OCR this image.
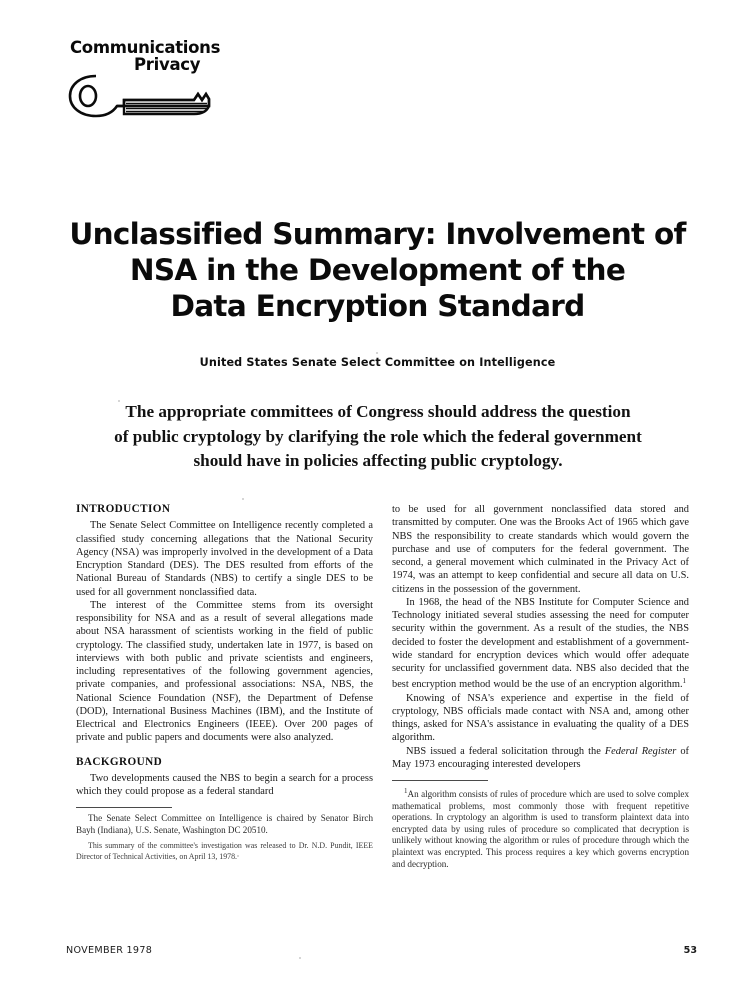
Communications
Privacy
Unclassified Summary: Involvement of
NSA in the Development of the
Data Encryption Standard
United States Senate Select Committee on Intelligence
The appropriate committees of Congress should address the question
of public cryptology by clarifying the role which the federal government
should have in policies affecting public cryptology.
INTRODUCTION

The Senate Select Committee on Intelligence recently completed a classified study concerning allegations that the National Security Agency (NSA) was improperly involved in the development of a Data Encryption Standard (DES). The DES resulted from efforts of the National Bureau of Standards (NBS) to certify a single DES to be used for all government nonclassified data.

The interest of the Committee stems from its oversight responsibility for NSA and as a result of several allegations made about NSA harassment of scientists working in the field of public cryptology. The classified study, undertaken late in 1977, is based on interviews with both public and private scientists and engineers, including representatives of the following government agencies, private companies, and professional associations: NSA, NBS, the National Science Foundation (NSF), the Department of Defense (DOD), International Business Machines (IBM), and the Institute of Electrical and Electronics Engineers (IEEE). Over 200 pages of private and public papers and documents were also analyzed.

BACKGROUND

Two developments caused the NBS to begin a search for a process which they could propose as a federal standard

The Senate Select Committee on Intelligence is chaired by Senator Birch Bayh (Indiana), U.S. Senate, Washington DC 20510.

This summary of the committee's investigation was released to Dr. N.D. Pundit, IEEE Director of Technical Activities, on April 13, 1978.

to be used for all government nonclassified data stored and transmitted by computer. One was the Brooks Act of 1965 which gave NBS the responsibility to create standards which would govern the purchase and use of computers for the federal government. The second, a general movement which culminated in the Privacy Act of 1974, was an attempt to keep confidential and secure all data on U.S. citizens in the possession of the government.

In 1968, the head of the NBS Institute for Computer Science and Technology initiated several studies assessing the need for computer security within the government. As a result of the studies, the NBS decided to foster the development and establishment of a government-wide standard for encryption devices which would offer adequate security for unclassified government data. NBS also decided that the best encryption method would be the use of an encryption algorithm.$^1$

Knowing of NSA's experience and expertise in the field of cryptology, NBS officials made contact with NSA and, among other things, asked for NSA's assistance in evaluating the quality of a DES algorithm.

NBS issued a federal solicitation through the Federal Register of May 1973 encouraging interested developers

$^1$An algorithm consists of rules of procedure which are used to solve complex mathematical problems, most commonly those with frequent repetitive operations. In cryptology an algorithm is used to transform plaintext data into encrypted data by using rules of procedure so complicated that decryption is unlikely without knowing the algorithm or rules of procedure through which the plaintext was encrypted. This process requires a key which governs encryption and decryption.

NOVEMBER 1978	53
